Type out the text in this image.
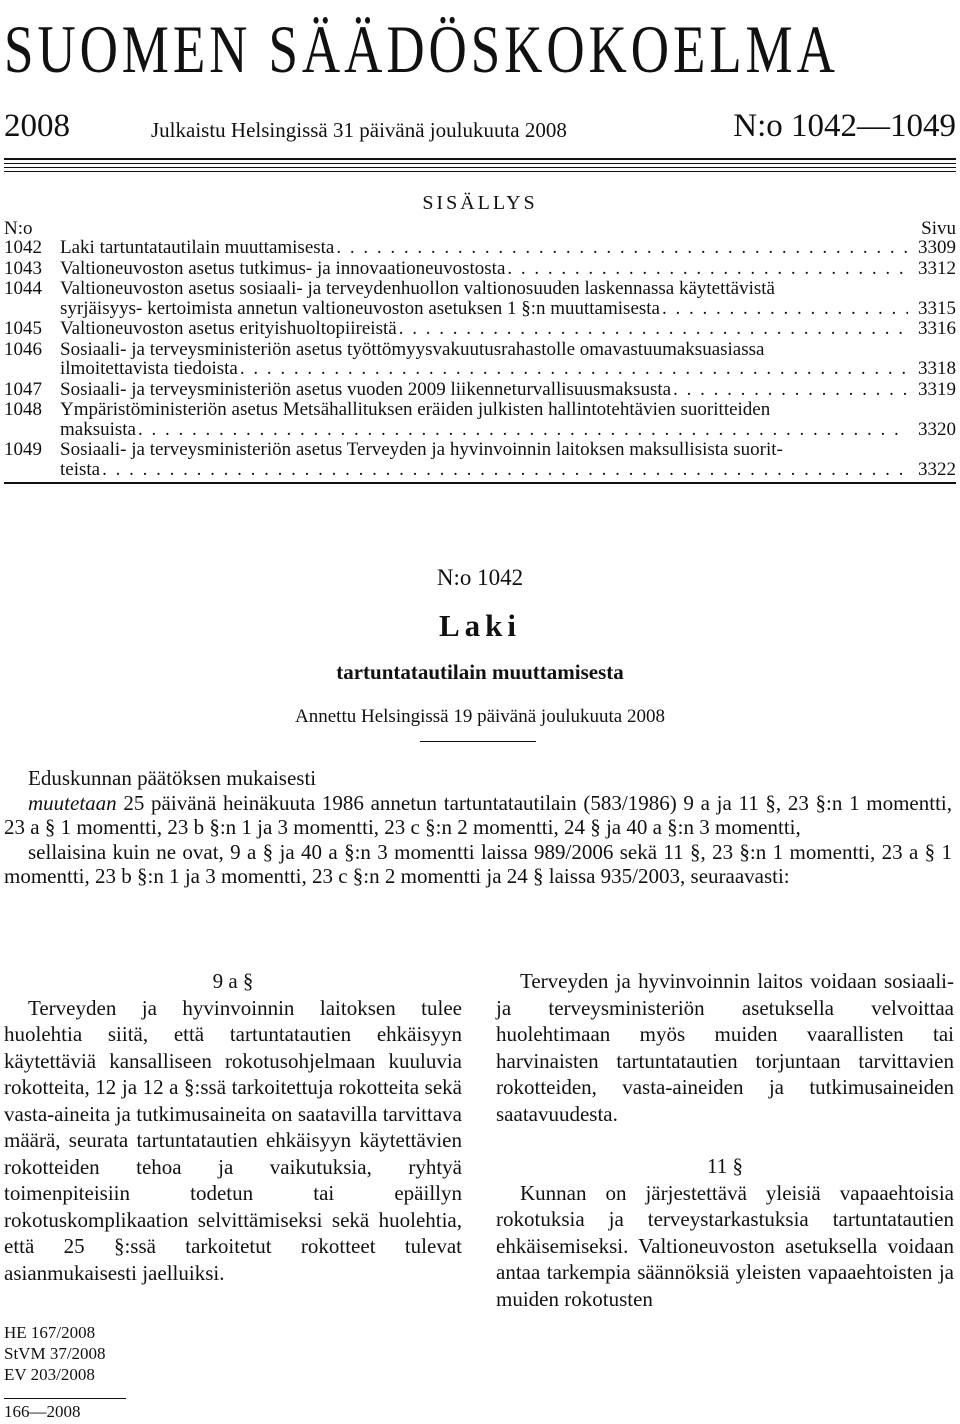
SUOMEN SÄÄDÖSKOKOELMA
2008	Julkaistu Helsingissä 31 päivänä joulukuuta 2008	N:o 1042—1049
SISÄLLYS
N:o	Sivu
1042 Laki tartuntatautilain muuttamisesta . . .	3309
1043 Valtioneuvoston asetus tutkimus- ja innovaationeuvostosta . . .	3312
1044 Valtioneuvoston asetus sosiaali- ja terveydenhuollon valtionosuuden laskennassa käytettävistä
syrjäisyys- kertoimista annetun valtioneuvoston asetuksen 1 §:n muuttamisesta . . .	3315
1045 Valtioneuvoston asetus erityishuoltopiireistä . . .	3316
1046 Sosiaali- ja terveysministeriön asetus työttömyysvakuutusrahastolle omavastuumaksuasiassa
ilmoitettavista tiedoista . . .	3318
1047 Sosiaali- ja terveysministeriön asetus vuoden 2009 liikenneturvallisuusmaksusta . . .	3319
1048 Ympäristöministeriön asetus Metsähallituksen eräiden julkisten hallintotehtävien suoritteiden
maksuista . . .	3320
1049 Sosiaali- ja terveysministeriön asetus Terveyden ja hyvinvoinnin laitoksen maksullisista suorit-
teista . . .	3322
N:o 1042
Laki
tartuntatautilain muuttamisesta
Annettu Helsingissä 19 päivänä joulukuuta 2008

Eduskunnan päätöksen mukaisesti

muutetaan 25 päivänä heinäkuuta 1986 annetun tartuntatautilain (583/1986) 9 a ja 11 §, 23 §:n 1 momentti, 23 a § 1 momentti, 23 b §:n 1 ja 3 momentti, 23 c §:n 2 momentti, 24 § ja 40 a §:n 3 momentti,

sellaisina kuin ne ovat, 9 a § ja 40 a §:n 3 momentti laissa 989/2006 sekä 11 §, 23 §:n 1 momentti, 23 a § 1 momentti, 23 b §:n 1 ja 3 momentti, 23 c §:n 2 momentti ja 24 § laissa 935/2003, seuraavasti:

9 a §

Terveyden ja hyvinvoinnin laitoksen tulee huolehtia siitä, että tartuntatautien ehkäisyyn käytettäviä kansalliseen rokotusohjelmaan kuuluvia rokotteita, 12 ja 12 a §:ssä tarkoitettuja rokotteita sekä vasta-aineita ja tutkimusaineita on saatavilla tarvittava määrä, seurata tartuntatautien ehkäisyyn käytettävien rokotteiden tehoa ja vaikutuksia, ryhtyä toimenpiteisiin todetun tai epäillyn rokotuskomplikaation selvittämiseksi sekä huolehtia, että 25 §:ssä tarkoitetut rokotteet tulevat asianmukaisesti jaelluiksi.

Terveyden ja hyvinvoinnin laitos voidaan sosiaali- ja terveysministeriön asetuksella velvoittaa huolehtimaan myös muiden vaarallisten tai harvinaisten tartuntatautien torjuntaan tarvittavien rokotteiden, vasta-aineiden ja tutkimusaineiden saatavuudesta.

11 §

Kunnan on järjestettävä yleisiä vapaaehtoisia rokotuksia ja terveystarkastuksia tartuntatautien ehkäisemiseksi. Valtioneuvoston asetuksella voidaan antaa tarkempia säännöksiä yleisten vapaaehtoisten ja muiden rokotusten

HE 167/2008
StVM 37/2008
EV 203/2008
166—2008
